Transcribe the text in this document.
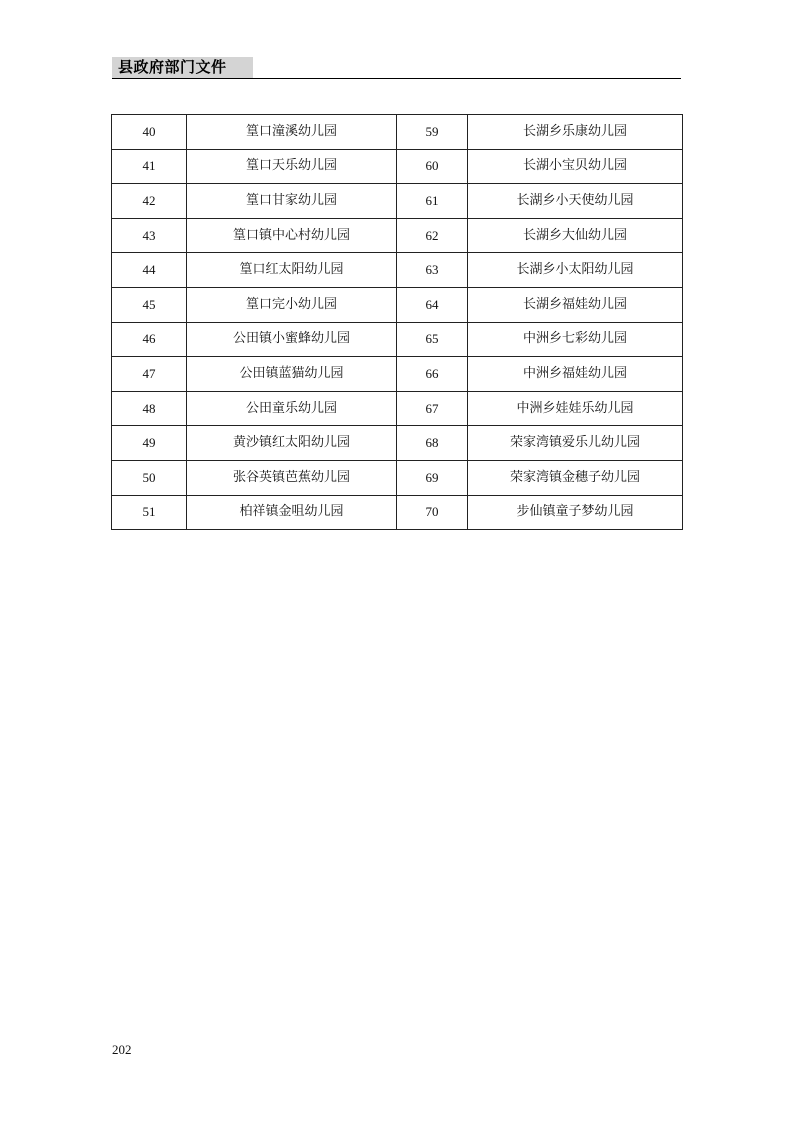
县政府部门文件
40	篁口潼溪幼儿园	59	长湖乡乐康幼儿园
41	篁口天乐幼儿园	60	长湖小宝贝幼儿园
42	篁口甘家幼儿园	61	长湖乡小天使幼儿园
43	篁口镇中心村幼儿园	62	长湖乡大仙幼儿园
44	篁口红太阳幼儿园	63	长湖乡小太阳幼儿园
45	篁口完小幼儿园	64	长湖乡福娃幼儿园
46	公田镇小蜜蜂幼儿园	65	中洲乡七彩幼儿园
47	公田镇蓝猫幼儿园	66	中洲乡福娃幼儿园
48	公田童乐幼儿园	67	中洲乡娃娃乐幼儿园
49	黄沙镇红太阳幼儿园	68	荣家湾镇爱乐儿幼儿园
50	张谷英镇芭蕉幼儿园	69	荣家湾镇金穗子幼儿园
51	柏祥镇金咀幼儿园	70	步仙镇童子梦幼儿园
202
